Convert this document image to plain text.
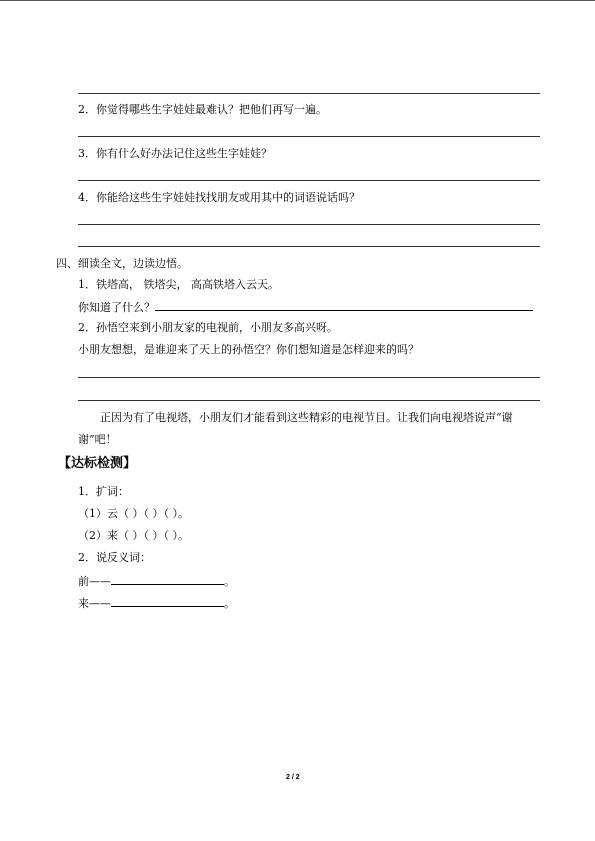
2．你觉得哪些生字娃娃最难认？把他们再写一遍。
3．你有什么好办法记住这些生字娃娃？
4．你能给这些生字娃娃找找朋友或用其中的词语说话吗？
四、细读全文，边读边悟。
1．铁塔高， 铁塔尖， 高高铁塔入云天。
你知道了什么？
2．孙悟空来到小朋友家的电视前，小朋友多高兴呀。
小朋友想想，是谁迎来了天上的孙悟空？你们想知道是怎样迎来的吗？
正因为有了电视塔，小朋友们才能看到这些精彩的电视节目。让我们向电视塔说声“谢
谢”吧！
【达标检测】
1．扩词：
（1）云（ ）（ ）（ ）。
（2）来（ ）（ ）（ ）。
2．说反义词：
前——	。
来——	。
2 / 2
